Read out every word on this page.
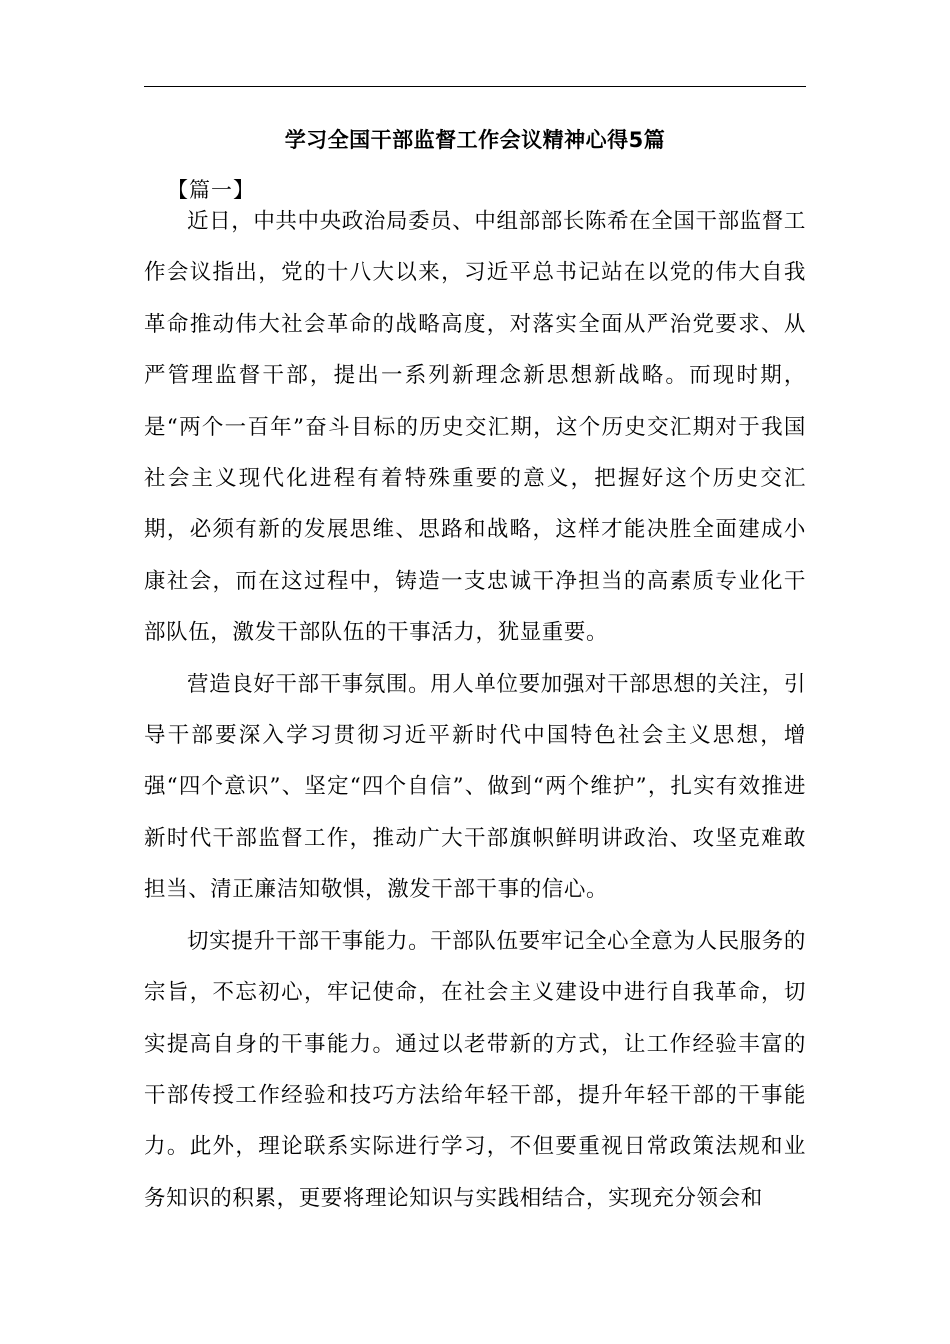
学习全国干部监督工作会议精神心得5篇
【篇一】

近日，中共中央政治局委员、中组部部长陈希在全国干部监督工作会议指出，党的十八大以来，习近平总书记站在以党的伟大自我革命推动伟大社会革命的战略高度，对落实全面从严治党要求、从严管理监督干部，提出一系列新理念新思想新战略。而现时期，是“两个一百年”奋斗目标的历史交汇期，这个历史交汇期对于我国社会主义现代化进程有着特殊重要的意义，把握好这个历史交汇期，必须有新的发展思维、思路和战略，这样才能决胜全面建成小康社会，而在这过程中，铸造一支忠诚干净担当的高素质专业化干部队伍，激发干部队伍的干事活力，犹显重要。

营造良好干部干事氛围。用人单位要加强对干部思想的关注，引导干部要深入学习贯彻习近平新时代中国特色社会主义思想，增强“四个意识”、坚定“四个自信”、做到“两个维护”，扎实有效推进新时代干部监督工作，推动广大干部旗帜鲜明讲政治、攻坚克难敢担当、清正廉洁知敬惧，激发干部干事的信心。

切实提升干部干事能力。干部队伍要牢记全心全意为人民服务的宗旨，不忘初心，牢记使命，在社会主义建设中进行自我革命，切实提高自身的干事能力。通过以老带新的方式，让工作经验丰富的干部传授工作经验和技巧方法给年轻干部，提升年轻干部的干事能力。此外，理论联系实际进行学习，不但要重视日常政策法规和业务知识的积累，更要将理论知识与实践相结合，实现充分领会和
